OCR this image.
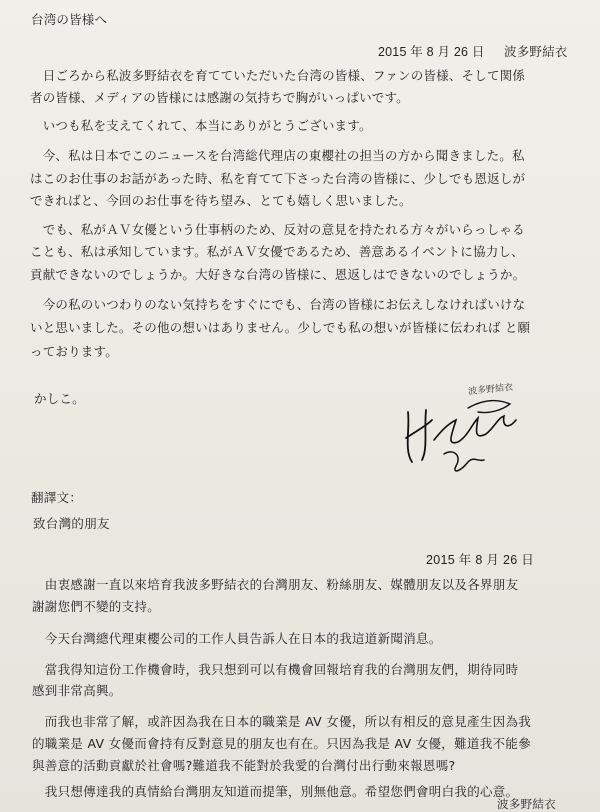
台湾の皆様へ
2015 年 8 月 26 日 波多野結衣
　日ごろから私波多野結衣を育てていただいた台湾の皆様、ファンの皆様、そして関係
者の皆様、メディアの皆様には感謝の気持ちで胸がいっぱいです。
　いつも私を支えてくれて、本当にありがとうございます。
　今、私は日本でこのニュースを台湾総代理店の東櫻社の担当の方から聞きました。私
はこのお仕事のお話があった時、私を育てて下さった台湾の皆様に、少しでも恩返しが
できればと、今回のお仕事を待ち望み、とても嬉しく思いました。
　でも、私がＡＶ女優という仕事柄のため、反対の意見を持たれる方々がいらっしゃる
ことも、私は承知しています。私がＡＶ女優であるため、善意あるイベントに協力し、
貢献できないのでしょうか。大好きな台湾の皆様に、恩返しはできないのでしょうか。
　今の私のいつわりのない気持ちをすぐにでも、台湾の皆様にお伝えしなければいけな
いと思いました。その他の想いはありません。少しでも私の想いが皆様に伝われば と願
っております。
かしこ。
波多野結衣
翻譯文：
致台灣的朋友
2015 年 8 月 26 日
　由衷感謝一直以來培育我波多野結衣的台灣朋友、粉絲朋友、媒體朋友以及各界朋友
謝謝您們不變的支持。
　今天台灣總代理東櫻公司的工作人員告訴人在日本的我這道新聞消息。
　當我得知這份工作機會時，我只想到可以有機會回報培育我的台灣朋友們，期待同時
感到非常高興。
　而我也非常了解，或許因為我在日本的職業是 AV 女優，所以有相反的意見產生因為我
的職業是 AV 女優而會持有反對意見的朋友也有在。只因為我是 AV 女優，難道我不能參
與善意的活動貢獻於社會嗎?難道我不能對於我愛的台灣付出行動來報恩嗎?
　我只想傳達我的真情給台灣朋友知道而提筆，別無他意。希望您們會明白我的心意。
波多野結衣
